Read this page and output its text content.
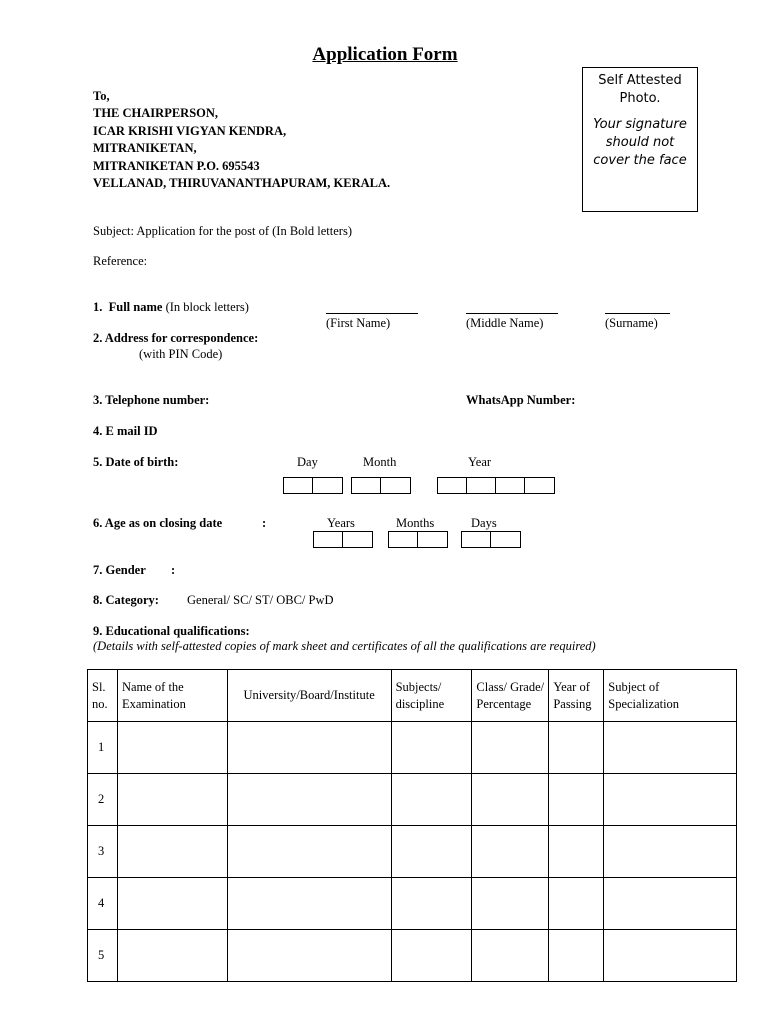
Application Form
To,
THE CHAIRPERSON,
ICAR KRISHI VIGYAN KENDRA,
MITRANIKETAN,
MITRANIKETAN P.O. 695543
VELLANAD, THIRUVANANTHAPURAM, KERALA.
Self Attested Photo.
Your signature should not cover the face
Subject: Application for the post of (In Bold letters)
Reference:
1. Full name (In block letters)
(First Name)	(Middle Name)	(Surname)
2. Address for correspondence:
(with PIN Code)
3. Telephone number:	WhatsApp Number:
4. E mail ID
5. Date of birth:	Day	Month	Year
6. Age as on closing date	:	Years	Months	Days
7. Gender :
8. Category: General/ SC/ ST/ OBC/ PwD
9. Educational qualifications:
(Details with self-attested copies of mark sheet and certificates of all the qualifications are required)
Sl. no.	Name of the Examination	University/Board/Institute	Subjects/ discipline	Class/ Grade/ Percentage	Year of Passing	Subject of Specialization
1						
2						
3						
4						
5						
